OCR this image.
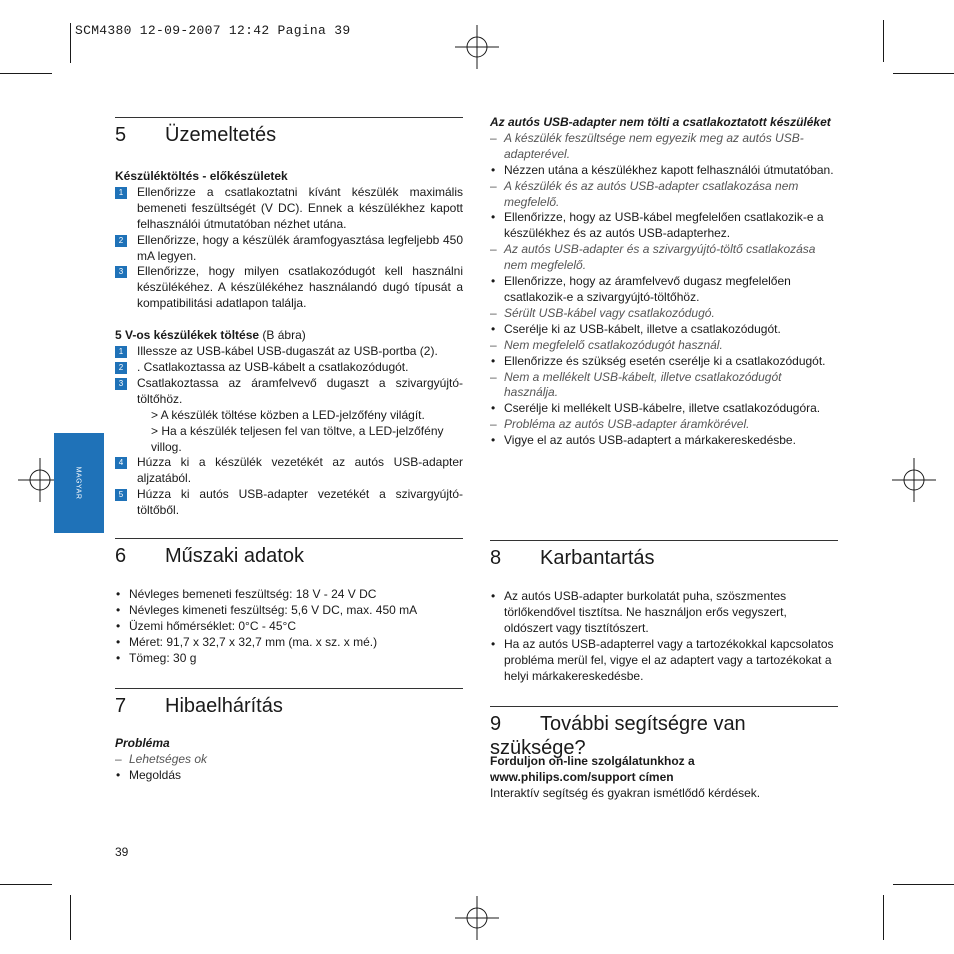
SCM4380 12-09-2007 12:42 Pagina 39
MAGYAR
5 Üzemeltetés

Készüléktöltés - előkészületek

1	Ellenőrizze a csatlakoztatni kívánt készülék maximális bemeneti feszültségét (V DC). Ennek a készülékhez kapott felhasználói útmutatóban nézhet utána.
2	Ellenőrizze, hogy a készülék áramfogyasztása legfeljebb 450 mA legyen.
3	Ellenőrizze, hogy milyen csatlakozódugót kell használni készülékéhez. A készülékéhez használandó dugó típusát a kompatibilitási adatlapon találja.

5 V-os készülékek töltése (B ábra)

1	Illessze az USB-kábel USB-dugaszát az USB-portba (2).
2	. Csatlakoztassa az USB-kábelt a csatlakozódugót.
3	Csatlakoztassa az áramfelvevő dugaszt a szivargyújtó-töltőhöz.
> A készülék töltése közben a LED-jelzőfény világít.
> Ha a készülék teljesen fel van töltve, a LED-jelzőfény villog.
4	Húzza ki a készülék vezetékét az autós USB-adapter aljzatából.
5	Húzza ki autós USB-adapter vezetékét a szivargyújtó-töltőből.
6 Műszaki adatok
• Névleges bemeneti feszültség: 18 V - 24 V DC
• Névleges kimeneti feszültség: 5,6 V DC, max. 450 mA
• Üzemi hőmérséklet: 0°C - 45°C
• Méret: 91,7 x 32,7 x 32,7 mm (ma. x sz. x mé.)
• Tömeg: 30 g
7 Hibaelhárítás

Probléma

– Lehetséges ok
• Megoldás

Az autós USB-adapter nem tölti a csatlakoztatott készüléket

– A készülék feszültsége nem egyezik meg az autós USB-adapterével.
• Nézzen utána a készülékhez kapott felhasználói útmutatóban.
– A készülék és az autós USB-adapter csatlakozása nem megfelelő.
• Ellenőrizze, hogy az USB-kábel megfelelően csatlakozik-e a készülékhez és az autós USB-adapterhez.
– Az autós USB-adapter és a szivargyújtó-töltő csatlakozása nem megfelelő.
• Ellenőrizze, hogy az áramfelvevő dugasz megfelelően csatlakozik-e a szivargyújtó-töltőhöz.
– Sérült USB-kábel vagy csatlakozódugó.
• Cserélje ki az USB-kábelt, illetve a csatlakozódugót.
– Nem megfelelő csatlakozódugót használ.
• Ellenőrizze és szükség esetén cserélje ki a csatlakozódugót.
– Nem a mellékelt USB-kábelt, illetve csatlakozódugót használja.
• Cserélje ki mellékelt USB-kábelre, illetve csatlakozódugóra.
– Probléma az autós USB-adapter áramkörével.
• Vigye el az autós USB-adaptert a márkakereskedésbe.
8 Karbantartás
• Az autós USB-adapter burkolatát puha, szöszmentes törlőkendővel tisztítsa. Ne használjon erős vegyszert, oldószert vagy tisztítószert.
• Ha az autós USB-adapterrel vagy a tartozékokkal kapcsolatos probléma merül fel, vigye el az adaptert vagy a tartozékokat a helyi márkakereskedésbe.
9 További segítségre van szüksége?

Forduljon on-line szolgálatunkhoz a

www.philips.com/support címen

Interaktív segítség és gyakran ismétlődő kérdések.

39
